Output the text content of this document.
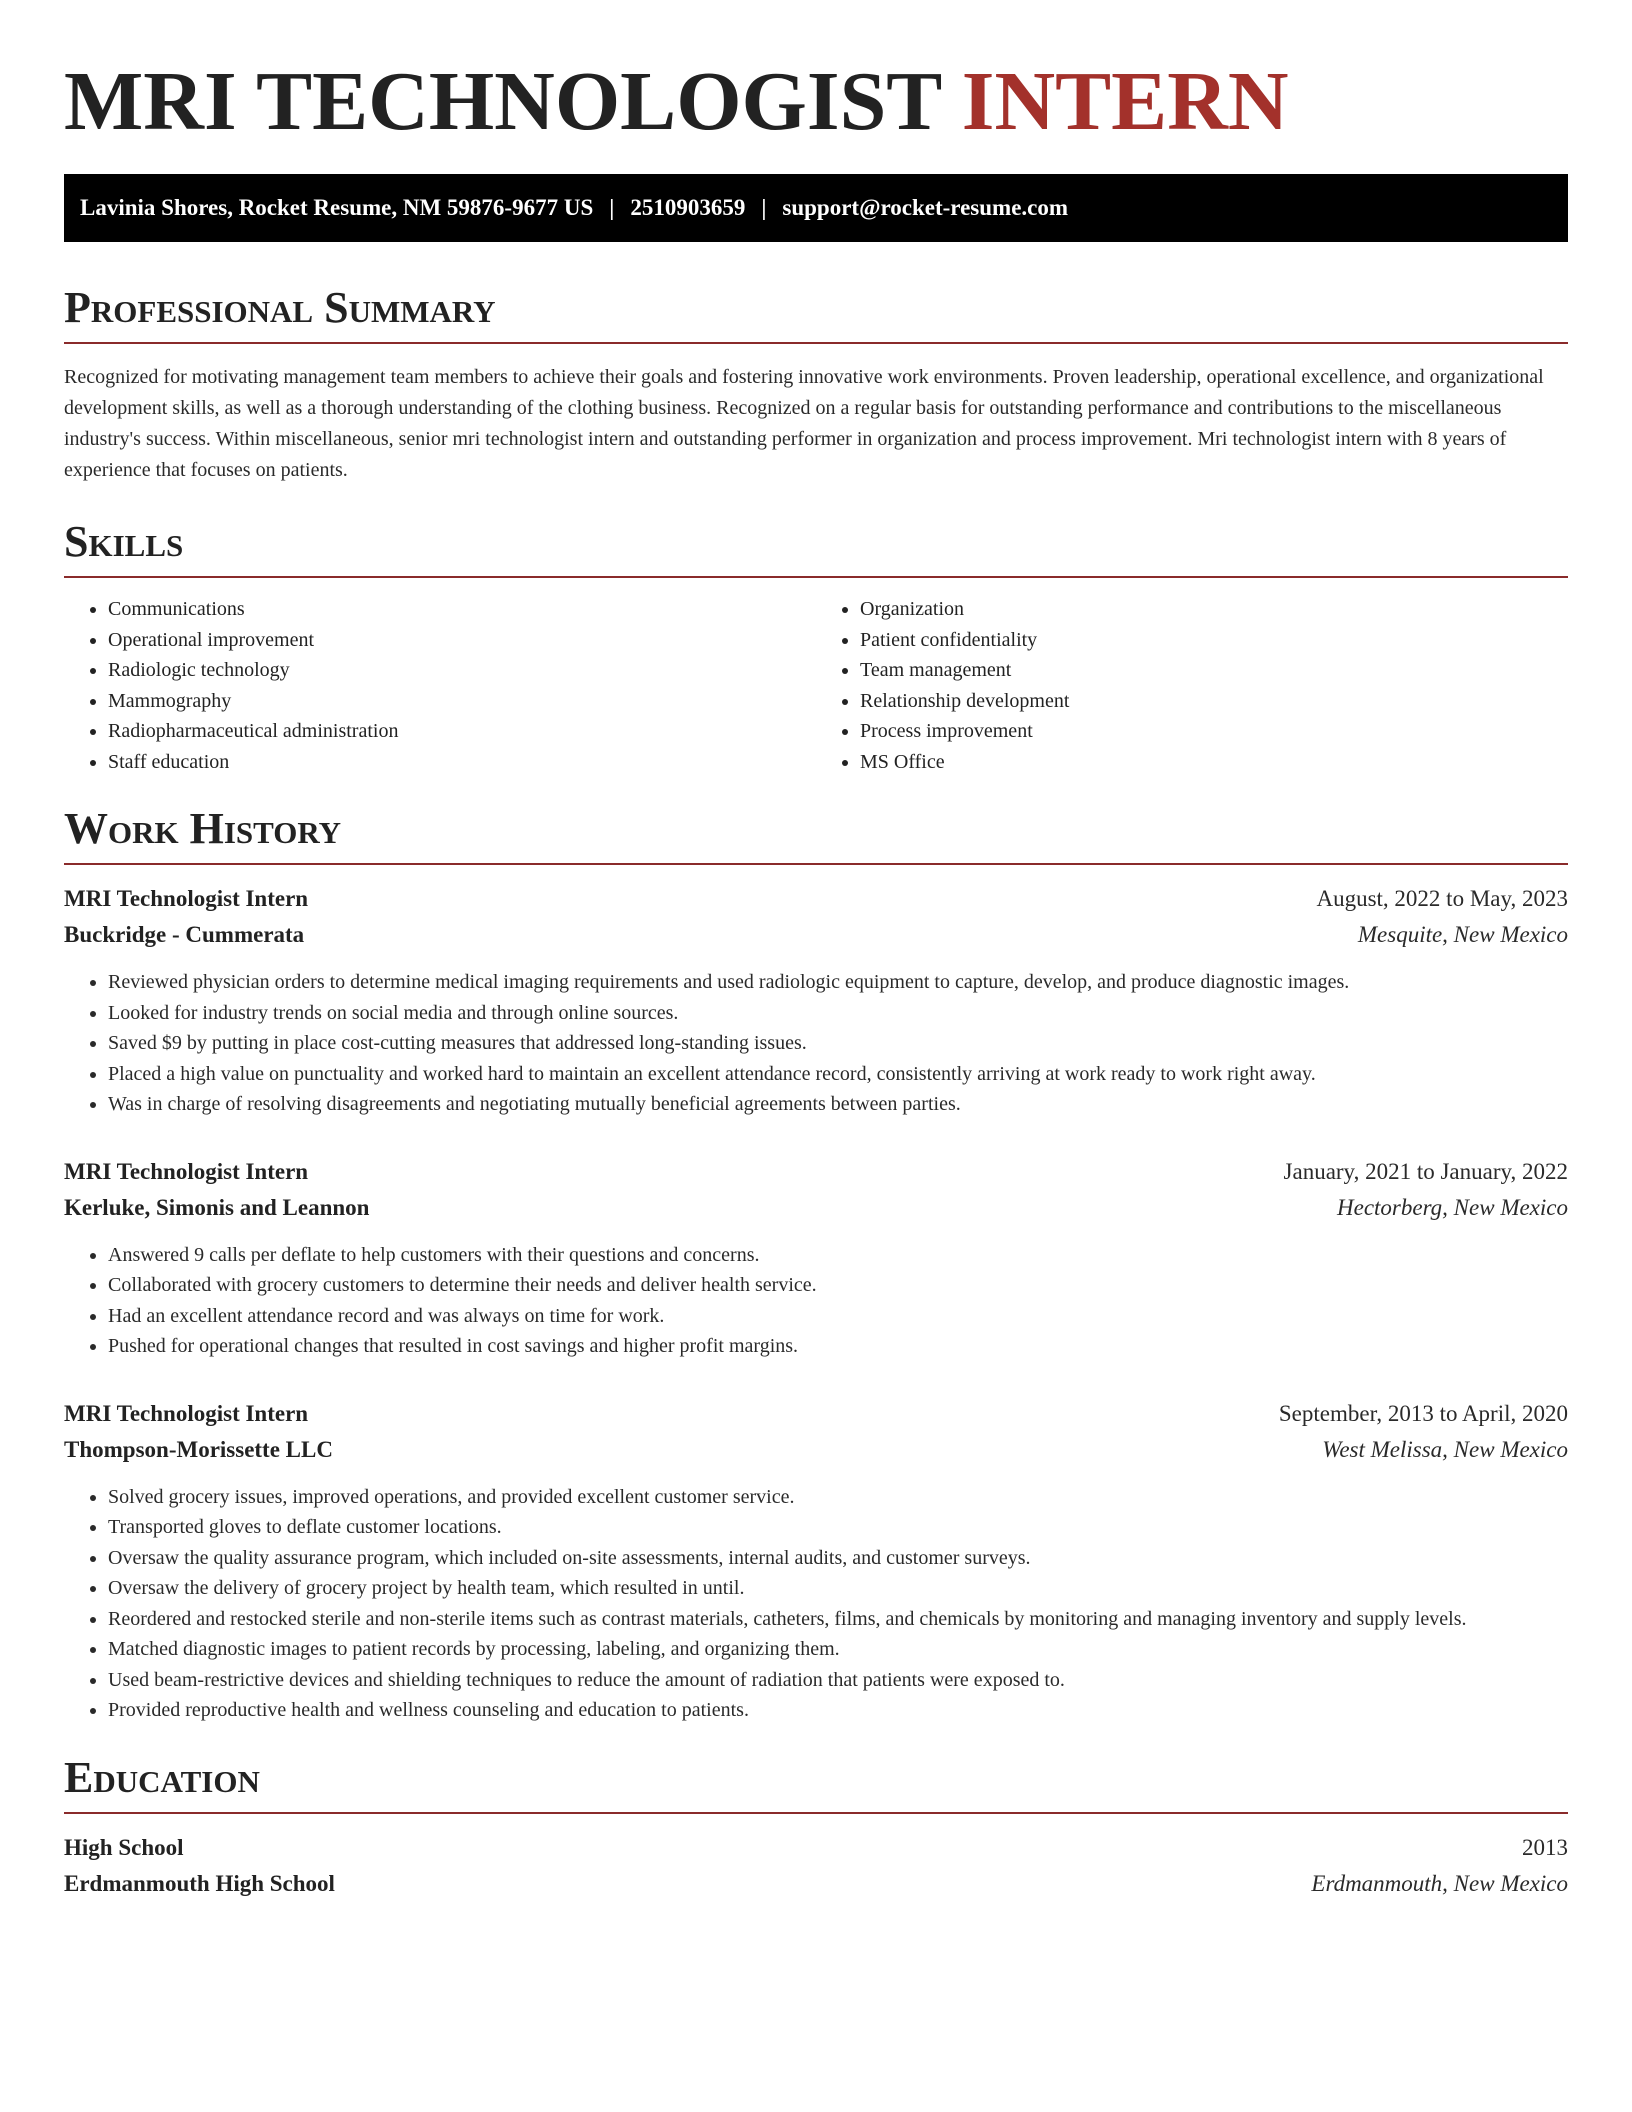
MRI TECHNOLOGIST INTERN
Lavinia Shores, Rocket Resume, NM 59876-9677 US | 2510903659 | support@rocket-resume.com
Professional Summary

Recognized for motivating management team members to achieve their goals and fostering innovative work environments. Proven leadership, operational excellence, and organizational development skills, as well as a thorough understanding of the clothing business. Recognized on a regular basis for outstanding performance and contributions to the miscellaneous industry's success. Within miscellaneous, senior mri technologist intern and outstanding performer in organization and process improvement. Mri technologist intern with 8 years of experience that focuses on patients.

Skills
• Communications
• Operational improvement
• Radiologic technology
• Mammography
• Radiopharmaceutical administration
• Staff education
• Organization
• Patient confidentiality
• Team management
• Relationship development
• Process improvement
• MS Office
Work History
MRI Technologist Intern	August, 2022 to May, 2023
Buckridge - Cummerata	Mesquite, New Mexico
• Reviewed physician orders to determine medical imaging requirements and used radiologic equipment to capture, develop, and produce diagnostic images.
• Looked for industry trends on social media and through online sources.
• Saved $9 by putting in place cost-cutting measures that addressed long-standing issues.
• Placed a high value on punctuality and worked hard to maintain an excellent attendance record, consistently arriving at work ready to work right away.
• Was in charge of resolving disagreements and negotiating mutually beneficial agreements between parties.
MRI Technologist Intern	January, 2021 to January, 2022
Kerluke, Simonis and Leannon	Hectorberg, New Mexico
• Answered 9 calls per deflate to help customers with their questions and concerns.
• Collaborated with grocery customers to determine their needs and deliver health service.
• Had an excellent attendance record and was always on time for work.
• Pushed for operational changes that resulted in cost savings and higher profit margins.
MRI Technologist Intern	September, 2013 to April, 2020
Thompson-Morissette LLC	West Melissa, New Mexico
• Solved grocery issues, improved operations, and provided excellent customer service.
• Transported gloves to deflate customer locations.
• Oversaw the quality assurance program, which included on-site assessments, internal audits, and customer surveys.
• Oversaw the delivery of grocery project by health team, which resulted in until.
• Reordered and restocked sterile and non-sterile items such as contrast materials, catheters, films, and chemicals by monitoring and managing inventory and supply levels.
• Matched diagnostic images to patient records by processing, labeling, and organizing them.
• Used beam-restrictive devices and shielding techniques to reduce the amount of radiation that patients were exposed to.
• Provided reproductive health and wellness counseling and education to patients.
Education
High School	2013
Erdmanmouth High School	Erdmanmouth, New Mexico
